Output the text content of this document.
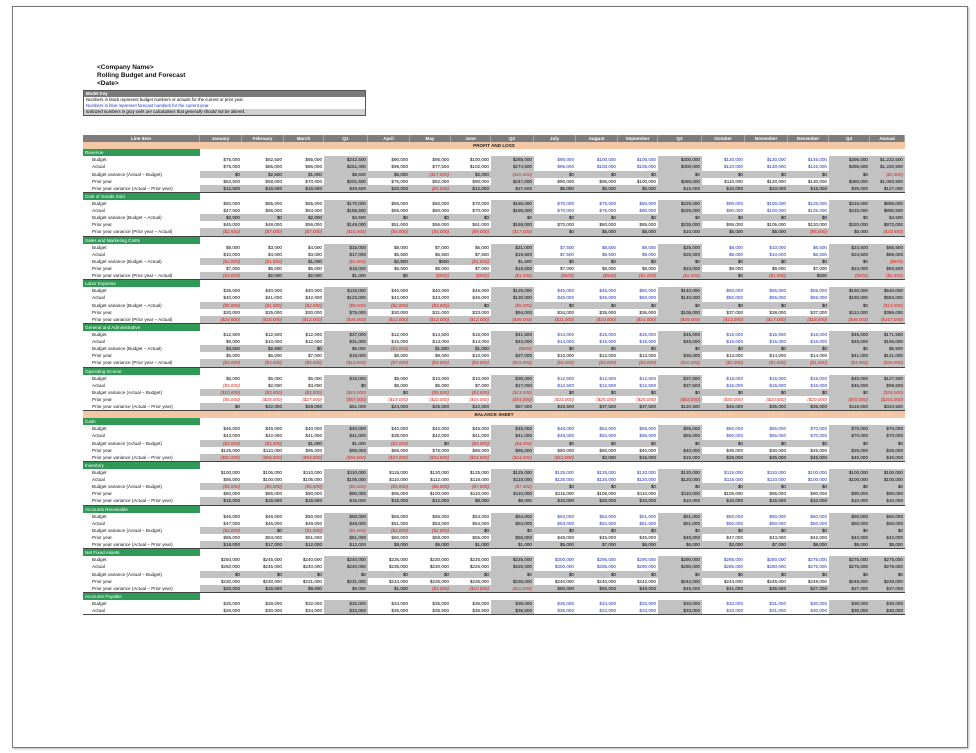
<Company Name>
Rolling Budget and Forecast
<Date>
Model Key
Numbers in black represent budget numbers or actuals for the current or prior year.
Numbers in blue represent forecast numbers for the current year.
Italicized numbers in gray cells are calculations that generally should not be altered.
Line Item	January	February	March	Q1	April	May	June	Q2	July	August	September	Q3	October	November	December	Q4	Annual
PROFIT AND LOSS
Revenue
Budget	$75,000	$82,500	$85,000	$242,500	$90,000	$95,000	$100,000	$285,000	$95,000	$100,000	$105,000	$300,000	$120,000	$130,000	$145,000	$395,000	$1,222,500
Actual	$75,000	$85,000	$86,000	$251,000	$95,000	$77,500	$102,000	$274,500	$95,000	$100,000	$105,000	$300,000	$120,000	$130,000	$145,000	$395,000	$1,220,500
Budget variance (Actual – Budget)	$0	$2,500	$1,000	$8,500	$5,000	($17,500)	$2,000	($10,500)	$0	$0	$0	$0	$0	$0	$0	$0	($2,000)
Prior year	$62,500	$69,000	$70,000	$201,500	$75,000	$82,000	$90,000	$247,000	$90,000	$95,000	$100,000	$285,000	$110,000	$120,000	$130,000	$360,000	$1,093,500
Prior year variance (Actual – Prior year)	$12,500	$16,000	$16,000	$49,500	$20,000	($4,500)	$12,000	$27,500	$5,000	$5,000	$5,000	$15,000	$10,000	$10,000	$15,000	$35,000	$127,000
Cost of Goods Sold
Budget	$50,000	$55,000	$65,000	$170,000	$55,000	$60,000	$70,000	$185,000	$70,000	$75,000	$80,000	$225,000	$90,000	$100,000	$125,000	$315,000	$895,000
Actual	$47,500	$55,000	$63,000	$165,500	$55,000	$60,000	$70,000	$185,000	$70,000	$75,000	$80,000	$225,000	$90,000	$100,000	$125,000	$315,000	$890,500
Budget variance (Budget – Actual)	$2,500	$0	$2,000	$4,500	$0	$0	$0	$0	$0	$0	$0	$0	$0	$0	$0	$0	$4,500
Prior year	$45,000	$48,000	$56,000	$149,000	$51,000	$56,000	$61,000	$168,000	$70,000	$80,000	$85,000	$235,000	$95,000	$105,000	$120,000	$320,000	$872,000
Prior year variance (Prior year – Actual)	($2,500)	($7,000)	($7,000)	($16,500)	($4,000)	($4,000)	($9,000)	($17,000)	$0	$5,000	$5,000	$10,000	$5,000	$5,000	($5,000)	$5,000	($18,500)
Sales and Marketing Costs
Budget	$8,000	$3,000	$4,000	$15,000	$8,000	$7,000	$6,000	$21,000	$7,500	$8,500	$9,000	$25,000	$8,000	$10,000	$6,500	$24,500	$85,500
Actual	$10,000	$4,000	$3,000	$17,000	$5,500	$6,500	$7,500	$19,500	$7,500	$8,500	$9,000	$25,000	$8,000	$10,000	$6,500	$24,500	$86,000
Budget variance (Budget – Actual)	($2,000)	($1,000)	$1,000	($2,000)	$2,500	$500	($1,500)	$1,500	$0	$0	$0	$0	$0	$0	$0	$0	($500)
Prior year	$7,000	$6,000	$5,000	$18,000	$5,500	$6,000	$7,000	$18,500	$7,000	$8,000	$8,000	$23,000	$8,000	$9,000	$7,000	$24,000	$83,500
Prior year variance (Prior year – Actual)	($3,000)	$2,000	$2,000	$1,000	$0	($500)	($500)	($1,000)	($500)	($500)	($1,000)	($2,000)	$0	($1,000)	$500	($500)	($2,500)
Labor Expense
Budget	$35,000	$40,000	$40,000	$115,000	$40,000	$40,000	$45,000	$125,000	$45,000	$45,000	$50,000	$140,000	$50,000	$55,000	$55,000	$160,000	$540,000
Actual	$40,000	$41,000	$42,000	$123,000	$42,000	$43,000	$45,000	$130,000	$45,000	$45,000	$50,000	$140,000	$50,000	$55,000	$55,000	$160,000	$553,000
Budget variance (Budget – Actual)	($5,000)	($1,000)	($2,000)	($8,000)	($2,000)	($3,000)	$0	($5,000)	$0	$0	$0	$0	$0	$0	$0	$0	($13,000)
Prior year	$20,000	$25,000	$30,000	$75,000	$30,000	$31,000	$33,000	$94,000	$34,000	$35,000	$36,000	$105,000	$37,000	$38,000	$37,000	$112,000	$386,000
Prior year variance (Prior year – Actual)	($20,000)	($16,000)	($12,000)	($48,000)	($12,000)	($12,000)	($12,000)	($36,000)	($11,000)	($10,000)	($14,000)	($35,000)	($13,000)	($17,000)	($18,000)	($48,000)	($167,000)
General and Administrative
Budget	$12,500	$12,500	$12,000	$37,000	$12,000	$14,500	$15,000	$41,500	$14,000	$15,000	$16,000	$45,000	$15,000	$15,000	$15,000	$45,000	$171,500
Actual	$9,000	$10,000	$12,000	$31,000	$15,000	$13,000	$14,000	$42,000	$14,000	$15,000	$16,000	$45,000	$15,000	$15,000	$15,000	$45,000	$166,000
Budget variance (Budget – Actual)	$3,500	$2,500	$0	$6,000	($3,000)	$1,500	$1,000	($500)	$0	$0	$0	$0	$0	$0	$0	$0	$5,500
Prior year	$5,000	$6,000	$7,000	$18,000	$8,000	$9,000	$10,000	$27,000	$10,000	$12,000	$13,000	$35,000	$13,000	$14,000	$14,000	$41,000	$121,000
Prior year variance (Prior year – Actual)	($4,000)	($4,000)	($5,000)	($13,000)	($7,000)	($4,000)	($4,000)	($15,000)	($4,000)	($3,000)	($3,000)	($10,000)	($2,000)	($1,000)	($1,000)	($4,000)	($45,000)
Operating Income
Budget	$5,000	$5,000	$5,000	$15,000	$5,000	$10,000	$10,000	$30,000	$12,500	$12,500	$12,500	$37,500	$15,000	$15,000	$15,000	$45,000	$127,500
Actual	($5,000)	$2,000	$3,000	$0	$5,000	$5,000	$7,000	$17,000	$12,500	$12,500	$12,500	$37,500	$15,000	$15,000	$15,000	$45,000	$99,500
Budget variance (Actual – Budget)	($10,000)	($3,000)	($2,000)	($15,000)	$0	($5,000)	($3,000)	($13,000)	$0	$0	$0	$0	$0	$0	$0	$0	($28,000)
Prior year	($5,000)	($25,000)	($27,000)	($57,000)	($19,000)	($20,000)	($15,000)	($54,000)	($33,000)	($25,000)	($25,000)	($83,000)	($30,000)	($20,000)	($20,000)	($70,000)	($264,000)
Prior year variance (Actual – Prior year)	$0	$22,000	$29,000	$51,000	$24,000	$25,000	$22,000	$57,000	$45,500	$37,500	$37,500	$120,500	$45,000	$35,000	$35,000	$115,000	$343,500
BALANCE SHEET
Cash
Budget	$45,000	$45,000	$40,000	$40,000	$40,000	$42,000	$45,000	$45,000	$48,000	$52,000	$55,000	$55,000	$60,000	$65,000	$70,000	$70,000	$70,000
Actual	$43,000	$42,000	$41,000	$41,000	$38,000	$42,000	$41,000	$41,000	$48,000	$52,000	$55,000	$55,000	$60,000	$65,000	$70,000	$70,000	$70,000
Budget variance (Actual – Budget)	($2,000)	($3,000)	$1,000	$1,000	($2,000)	$0	($4,000)	($4,000)	$0	$0	$0	$0	$0	$0	$0	$0	$0
Prior year	$125,000	$110,000	$95,000	$95,000	$85,000	$75,000	$65,000	$65,000	$60,000	$50,000	$40,000	$40,000	$35,000	$30,000	$25,000	$25,000	$25,000
Prior year variance (Actual – Prior year)	($82,000)	($68,000)	($54,000)	($54,000)	($47,000)	($33,000)	($24,000)	($24,000)	($12,000)	$2,000	$15,000	$15,000	$25,000	$35,000	$45,000	$45,000	$45,000
Inventory
Budget	$100,000	$105,000	$110,000	$110,000	$115,000	$120,000	$125,000	$125,000	$125,000	$125,000	$120,000	$120,000	$115,000	$110,000	$100,000	$100,000	$100,000
Actual	$95,000	$100,000	$105,000	$105,000	$110,000	$112,000	$118,000	$118,000	$125,000	$125,000	$120,000	$120,000	$115,000	$110,000	$100,000	$100,000	$100,000
Budget variance (Actual – Budget)	($5,000)	($5,000)	($5,000)	($5,000)	($5,000)	($8,000)	($7,000)	($7,000)	$0	$0	$0	$0	$0	$0	$0	$0	$0
Prior year	$80,000	$85,000	$90,000	$90,000	$95,000	$100,000	$110,000	$110,000	$115,000	$105,000	$110,000	$110,000	$105,000	$95,000	$90,000	$90,000	$90,000
Prior year variance (Actual – Prior year)	$15,000	$15,000	$15,000	$15,000	$15,000	$12,000	$8,000	$8,000	$10,000	$20,000	$10,000	$10,000	$10,000	$15,000	$10,000	$10,000	$10,000
Accounts Receivable
Budget	$45,000	$46,000	$50,000	$50,000	$55,000	$55,000	$54,000	$54,000	$53,000	$52,000	$51,000	$51,000	$50,000	$50,000	$50,000	$50,000	$50,000
Actual	$47,000	$46,000	$49,000	$49,000	$51,000	$53,000	$54,000	$54,000	$53,000	$52,000	$51,000	$51,000	$50,000	$50,000	$50,000	$50,000	$50,000
Budget variance (Actual – Budget)	($2,000)	$0	($1,000)	($1,000)	($4,000)	($2,000)	$0	$0	$0	$0	$0	$0	$0	$0	$0	$0	$0
Prior year	$65,000	$63,000	$61,000	$61,000	$60,000	$58,000	$55,000	$55,000	$48,000	$45,000	$45,000	$45,000	$47,000	$43,000	$42,000	$42,000	$42,000
Prior year variance (Actual – Prior year)	$18,000	$17,000	$12,000	$12,000	$9,000	$5,000	$1,000	$1,000	$5,000	$7,000	$6,000	$6,000	$3,000	$7,000	$8,000	$8,000	$8,000
Net Fixed Assets
Budget	$250,000	$245,000	$240,000	$240,000	$235,000	$230,000	$225,000	$225,000	$300,000	$295,000	$290,000	$290,000	$285,000	$280,000	$275,000	$275,000	$275,000
Actual	$250,000	$245,000	$240,000	$240,000	$235,000	$230,000	$225,000	$225,000	$300,000	$295,000	$290,000	$290,000	$285,000	$280,000	$275,000	$275,000	$275,000
Budget variance (Actual – Budget)	$0	$0	$0	$0	$0	$0	$0	$0	$0	$0	$0	$0	$0	$0	$0	$0	$0
Prior year	$230,000	$230,000	$231,000	$231,000	$234,000	$235,000	$235,000	$235,000	$240,000	$240,000	$242,000	$242,000	$244,000	$245,000	$248,000	$248,000	$248,000
Prior year variance (Actual – Prior year)	$20,000	$15,000	$9,000	$9,000	$1,000	($5,000)	($10,000)	($10,000)	$60,000	$55,000	$48,000	$48,000	$41,000	$35,000	$27,000	$27,000	$27,000
Accounts Payable
Budget	$25,000	$28,000	$32,000	$32,000	$34,000	$35,000	$36,000	$36,000	$35,000	$34,000	$33,000	$33,000	$32,000	$31,000	$30,000	$30,000	$30,000
Actual	$26,000	$30,000	$34,000	$34,000	$35,000	$35,500	$36,500	$36,500	$35,000	$34,000	$33,000	$33,000	$32,000	$31,000	$30,000	$30,000	$30,000
